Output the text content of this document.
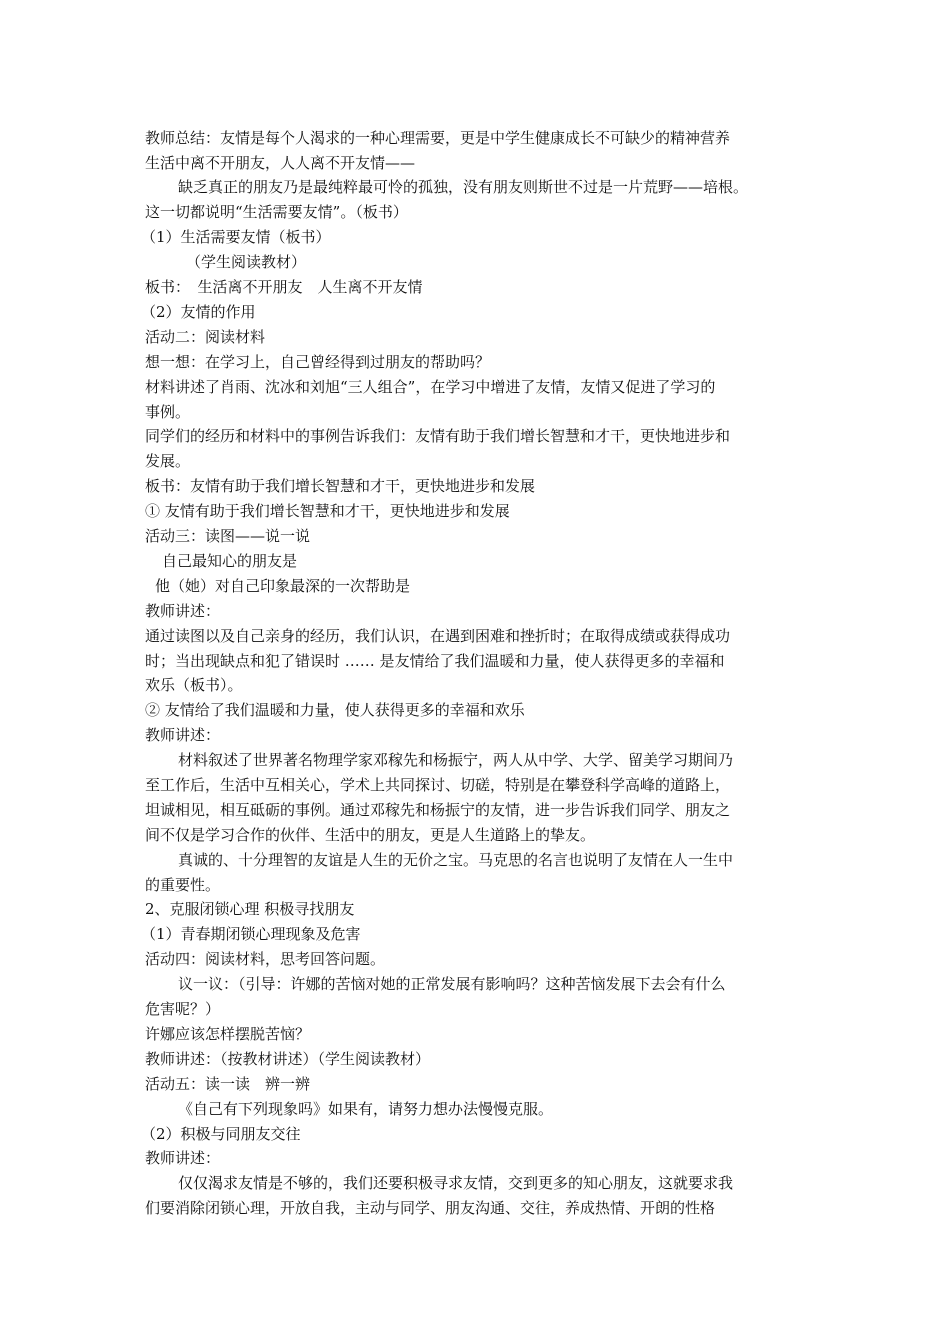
教师总结：友情是每个人渴求的一种心理需要，更是中学生健康成长不可缺少的精神营养
生活中离不开朋友，人人离不开友情——
缺乏真正的朋友乃是最纯粹最可怜的孤独，没有朋友则斯世不过是一片荒野——培根。
这一切都说明“生活需要友情”。（板书）
（1）生活需要友情（板书）
（学生阅读教材）
板书：　生活离不开朋友　人生离不开友情
（2）友情的作用
活动二：阅读材料
想一想：在学习上，自己曾经得到过朋友的帮助吗？
材料讲述了肖雨、沈冰和刘旭“三人组合”，在学习中增进了友情，友情又促进了学习的
事例。
同学们的经历和材料中的事例告诉我们：友情有助于我们增长智慧和才干，更快地进步和
发展。
板书：友情有助于我们增长智慧和才干，更快地进步和发展
① 友情有助于我们增长智慧和才干，更快地进步和发展
活动三：读图——说一说
自己最知心的朋友是
他（她）对自己印象最深的一次帮助是
教师讲述：
通过读图以及自己亲身的经历，我们认识，在遇到困难和挫折时；在取得成绩或获得成功
时；当出现缺点和犯了错误时 …… 是友情给了我们温暖和力量，使人获得更多的幸福和
欢乐（板书）。
② 友情给了我们温暖和力量，使人获得更多的幸福和欢乐
教师讲述：
材料叙述了世界著名物理学家邓稼先和杨振宁，两人从中学、大学、留美学习期间乃
至工作后，生活中互相关心，学术上共同探讨、切磋，特别是在攀登科学高峰的道路上，
坦诚相见，相互砥砺的事例。通过邓稼先和杨振宁的友情，进一步告诉我们同学、朋友之
间不仅是学习合作的伙伴、生活中的朋友，更是人生道路上的挚友。
真诚的、十分理智的友谊是人生的无价之宝。马克思的名言也说明了友情在人一生中
的重要性。
2、克服闭锁心理 积极寻找朋友
（1）青春期闭锁心理现象及危害
活动四：阅读材料，思考回答问题。
议一议：（引导：许娜的苦恼对她的正常发展有影响吗？这种苦恼发展下去会有什么
危害呢？）
许娜应该怎样摆脱苦恼？
教师讲述：（按教材讲述）（学生阅读教材）
活动五：读一读　辨一辨
《自己有下列现象吗》如果有，请努力想办法慢慢克服。
（2）积极与同朋友交往
教师讲述：
仅仅渴求友情是不够的，我们还要积极寻求友情，交到更多的知心朋友，这就要求我
们要消除闭锁心理，开放自我，主动与同学、朋友沟通、交往，养成热情、开朗的性格
